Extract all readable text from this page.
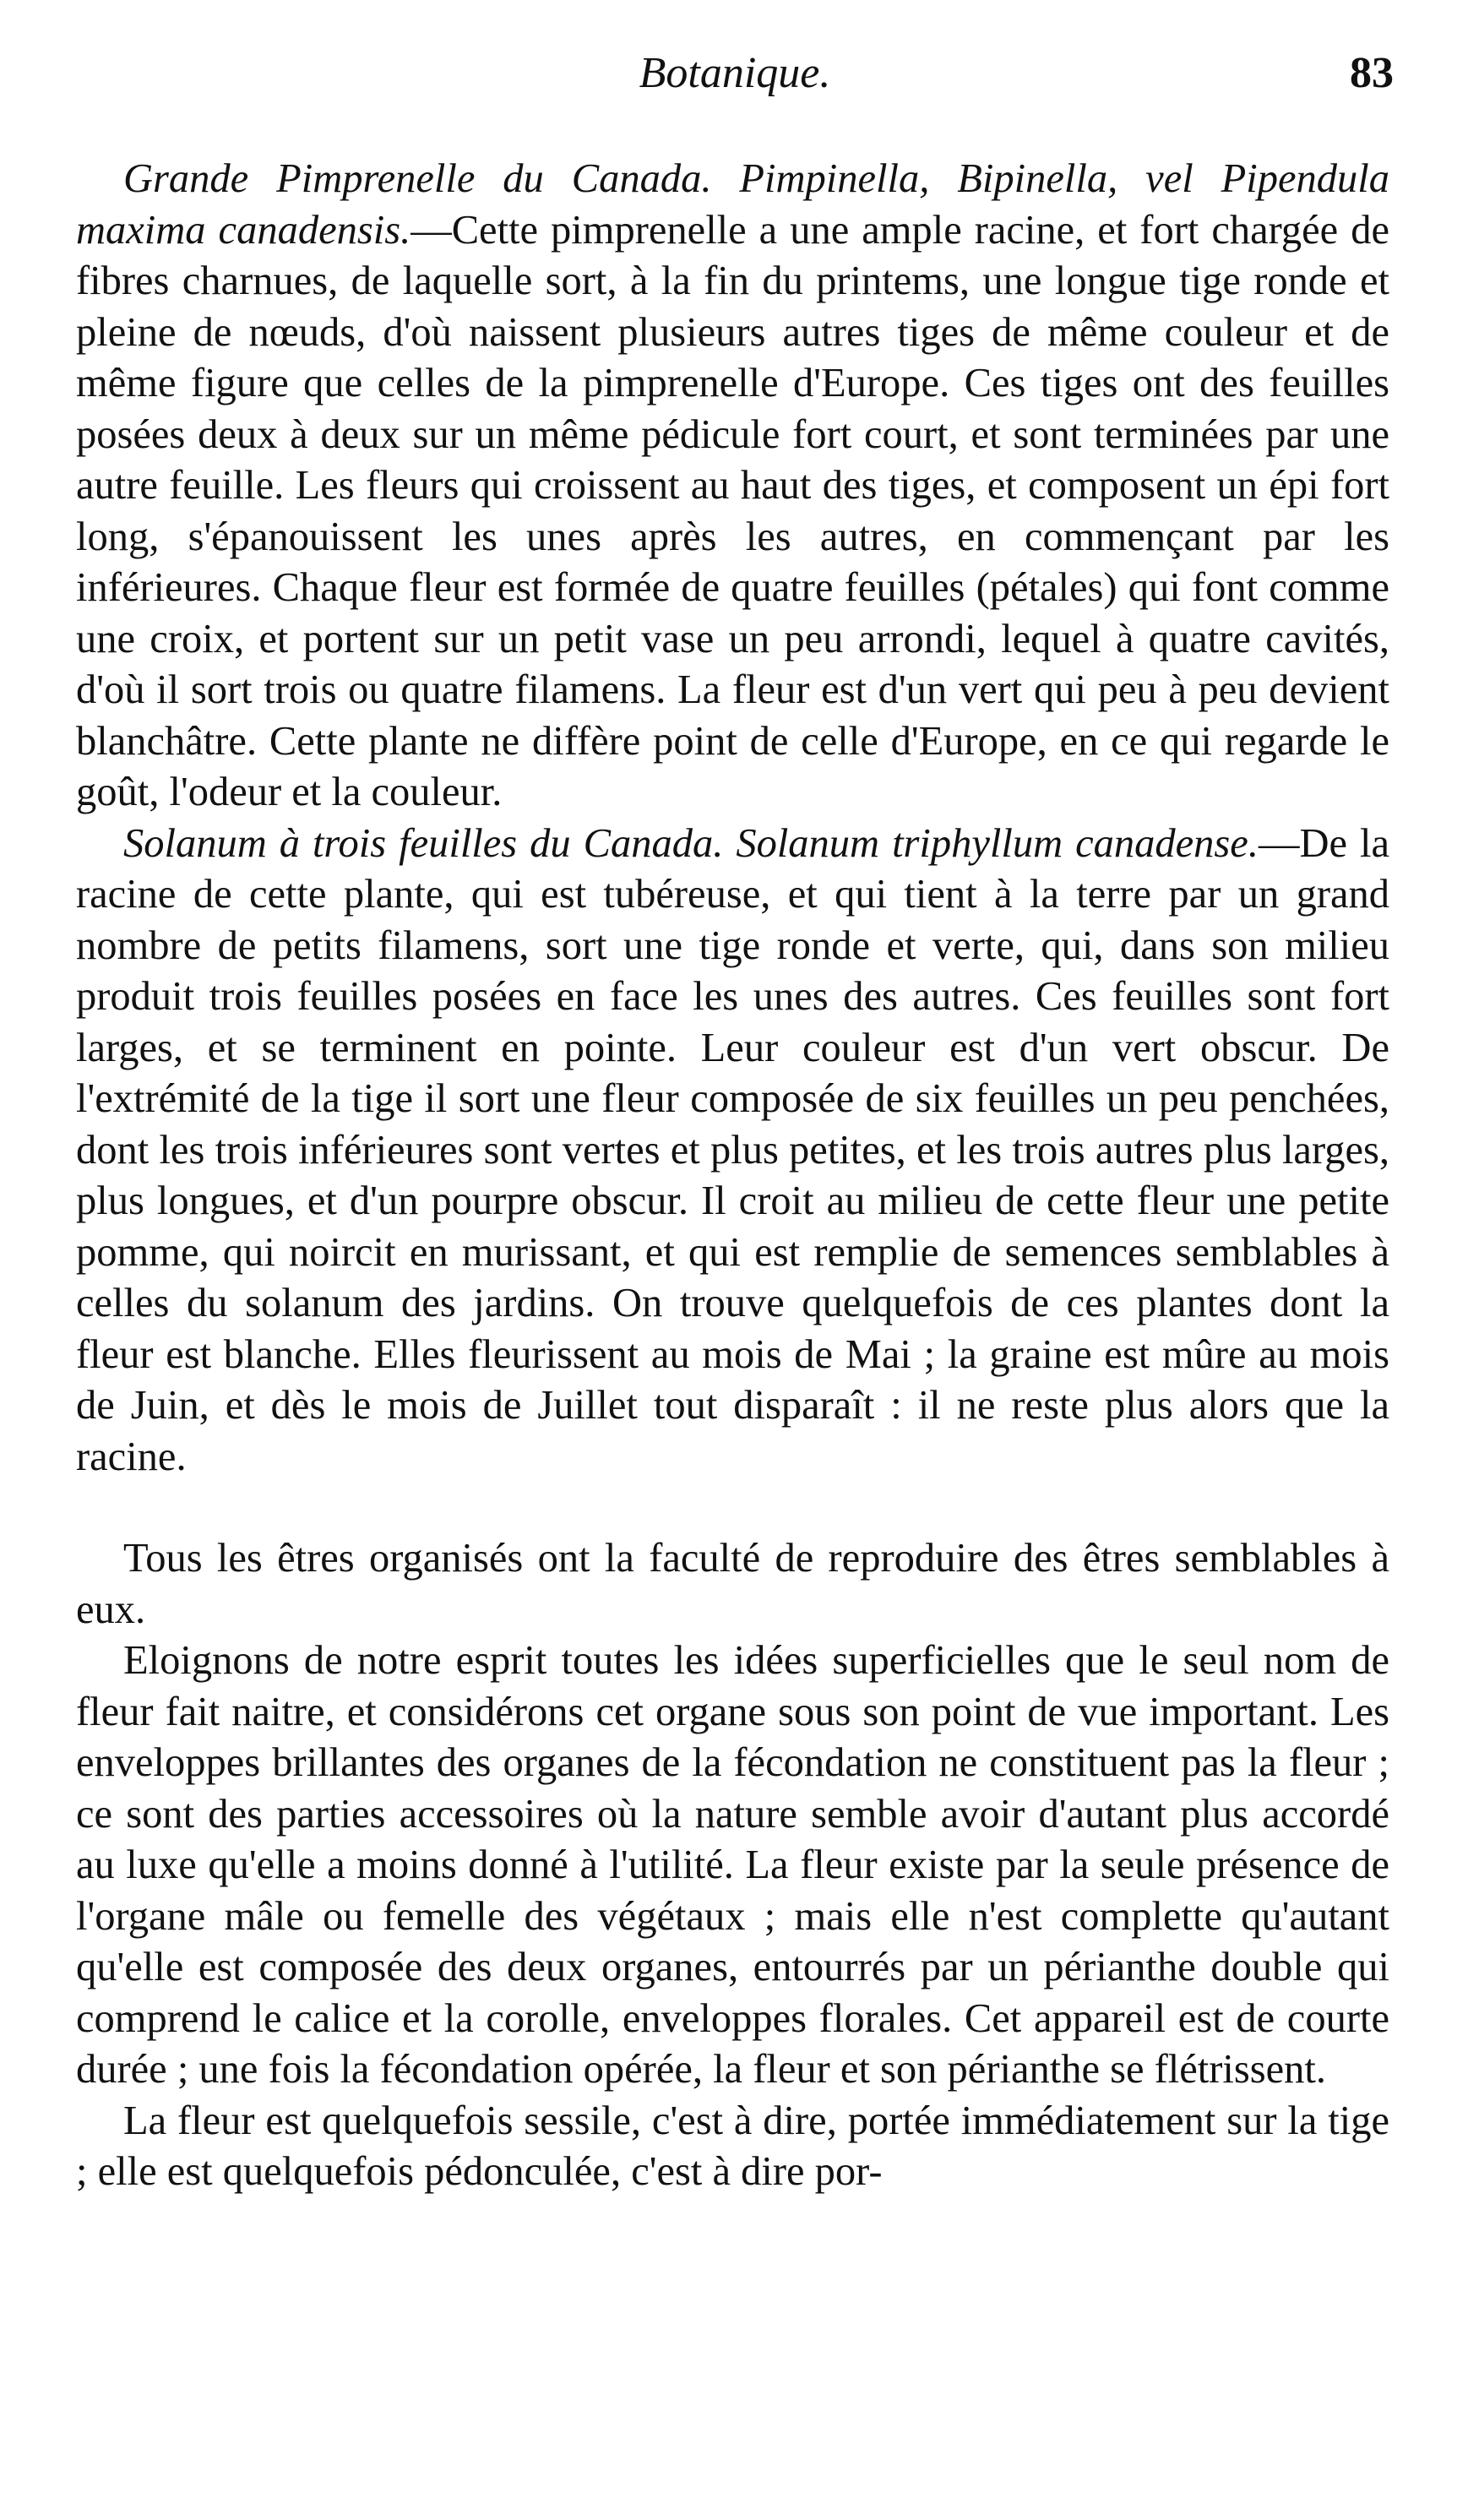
Botanique.	83

Grande Pimprenelle du Canada. Pimpinella, Bipinella, vel Pipendula maxima canadensis.—Cette pimprenelle a une ample racine, et fort chargée de fibres charnues, de laquelle sort, à la fin du printems, une longue tige ronde et pleine de nœuds, d'où naissent plusieurs autres tiges de même couleur et de même figure que celles de la pimprenelle d'Europe. Ces tiges ont des feuilles posées deux à deux sur un même pédicule fort court, et sont terminées par une autre feuille. Les fleurs qui croissent au haut des tiges, et composent un épi fort long, s'épanouissent les unes après les autres, en commençant par les inférieures. Chaque fleur est formée de quatre feuilles (pétales) qui font comme une croix, et portent sur un petit vase un peu arrondi, lequel à quatre cavités, d'où il sort trois ou quatre filamens. La fleur est d'un vert qui peu à peu devient blanchâtre. Cette plante ne diffère point de celle d'Europe, en ce qui regarde le goût, l'odeur et la couleur.

Solanum à trois feuilles du Canada. Solanum triphyllum canadense.—De la racine de cette plante, qui est tubéreuse, et qui tient à la terre par un grand nombre de petits filamens, sort une tige ronde et verte, qui, dans son milieu produit trois feuilles posées en face les unes des autres. Ces feuilles sont fort larges, et se terminent en pointe. Leur couleur est d'un vert obscur. De l'extrémité de la tige il sort une fleur composée de six feuilles un peu penchées, dont les trois inférieures sont vertes et plus petites, et les trois autres plus larges, plus longues, et d'un pourpre obscur. Il croit au milieu de cette fleur une petite pomme, qui noircit en murissant, et qui est remplie de semences semblables à celles du solanum des jardins. On trouve quelquefois de ces plantes dont la fleur est blanche. Elles fleurissent au mois de Mai ; la graine est mûre au mois de Juin, et dès le mois de Juillet tout disparaît : il ne reste plus alors que la racine.

Tous les êtres organisés ont la faculté de reproduire des êtres semblables à eux.

Eloignons de notre esprit toutes les idées superficielles que le seul nom de fleur fait naitre, et considérons cet organe sous son point de vue important. Les enveloppes brillantes des organes de la fécondation ne constituent pas la fleur ; ce sont des parties accessoires où la nature semble avoir d'autant plus accordé au luxe qu'elle a moins donné à l'utilité. La fleur existe par la seule présence de l'organe mâle ou femelle des végétaux ; mais elle n'est complette qu'autant qu'elle est composée des deux organes, entourrés par un périanthe double qui comprend le calice et la corolle, enveloppes florales. Cet appareil est de courte durée ; une fois la fécondation opérée, la fleur et son périanthe se flétrissent.

La fleur est quelquefois sessile, c'est à dire, portée immédiatement sur la tige ; elle est quelquefois pédonculée, c'est à dire por-
